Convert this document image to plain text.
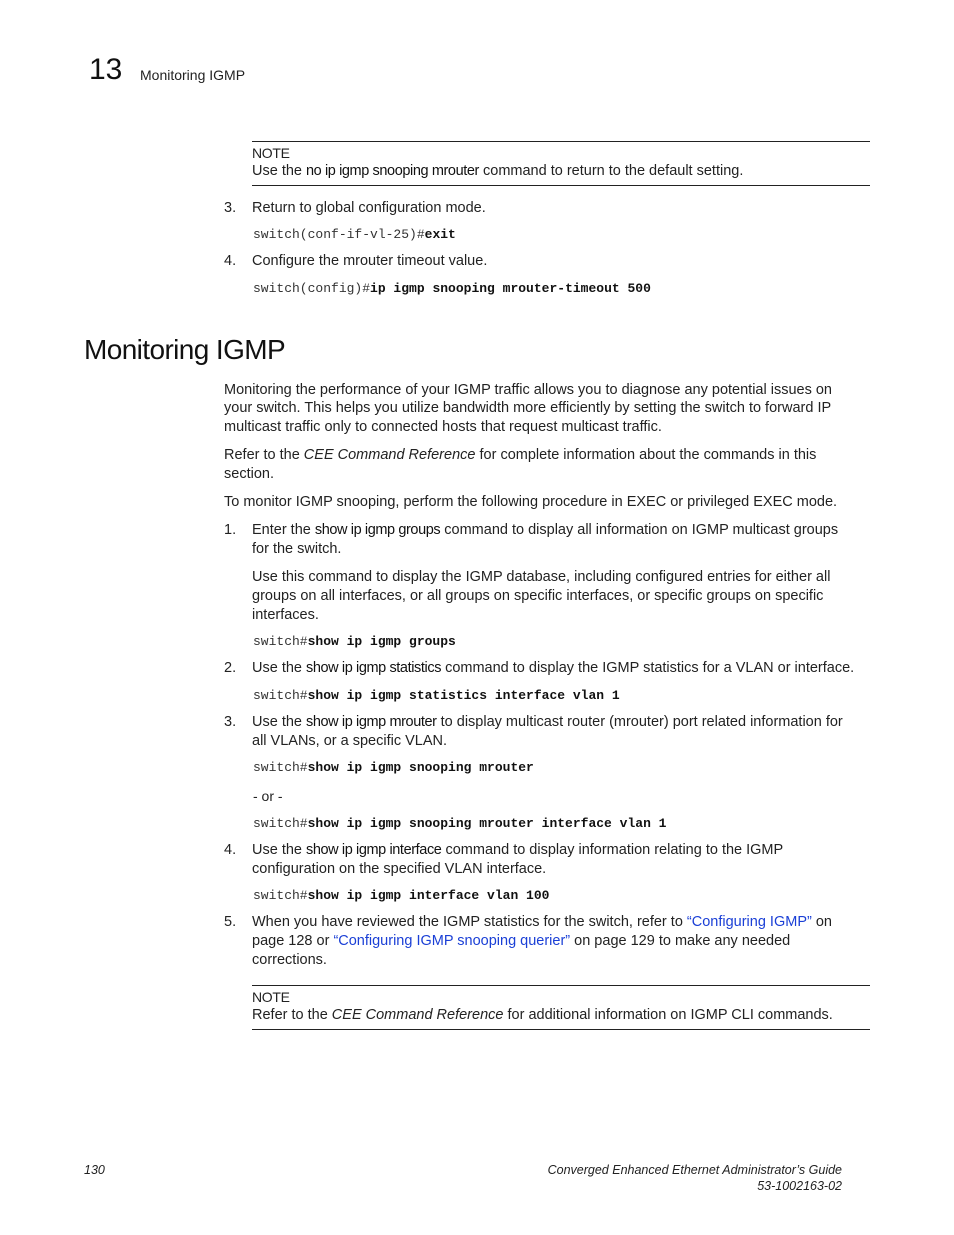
13 Monitoring IGMP
NOTE
Use the no ip igmp snooping mrouter command to return to the default setting.
3. Return to global configuration mode.
switch(conf-if-vl-25)#exit
4. Configure the mrouter timeout value.
switch(config)#ip igmp snooping mrouter-timeout 500
Monitoring IGMP
Monitoring the performance of your IGMP traffic allows you to diagnose any potential issues on
your switch. This helps you utilize bandwidth more efficiently by setting the switch to forward IP
multicast traffic only to connected hosts that request multicast traffic.
Refer to the CEE Command Reference for complete information about the commands in this
section.
To monitor IGMP snooping, perform the following procedure in EXEC or privileged EXEC mode.
1. Enter the show ip igmp groups command to display all information on IGMP multicast groups
for the switch.
Use this command to display the IGMP database, including configured entries for either all
groups on all interfaces, or all groups on specific interfaces, or specific groups on specific
interfaces.
switch#show ip igmp groups
2. Use the show ip igmp statistics command to display the IGMP statistics for a VLAN or interface.
switch#show ip igmp statistics interface vlan 1
3. Use the show ip igmp mrouter to display multicast router (mrouter) port related information for
all VLANs, or a specific VLAN.
switch#show ip igmp snooping mrouter
- or -
switch#show ip igmp snooping mrouter interface vlan 1
4. Use the show ip igmp interface command to display information relating to the IGMP
configuration on the specified VLAN interface.
switch#show ip igmp interface vlan 100
5. When you have reviewed the IGMP statistics for the switch, refer to “Configuring IGMP” on
page 128 or “Configuring IGMP snooping querier” on page 129 to make any needed
corrections.
NOTE
Refer to the CEE Command Reference for additional information on IGMP CLI commands.
130	Converged Enhanced Ethernet Administrator’s Guide
53-1002163-02
